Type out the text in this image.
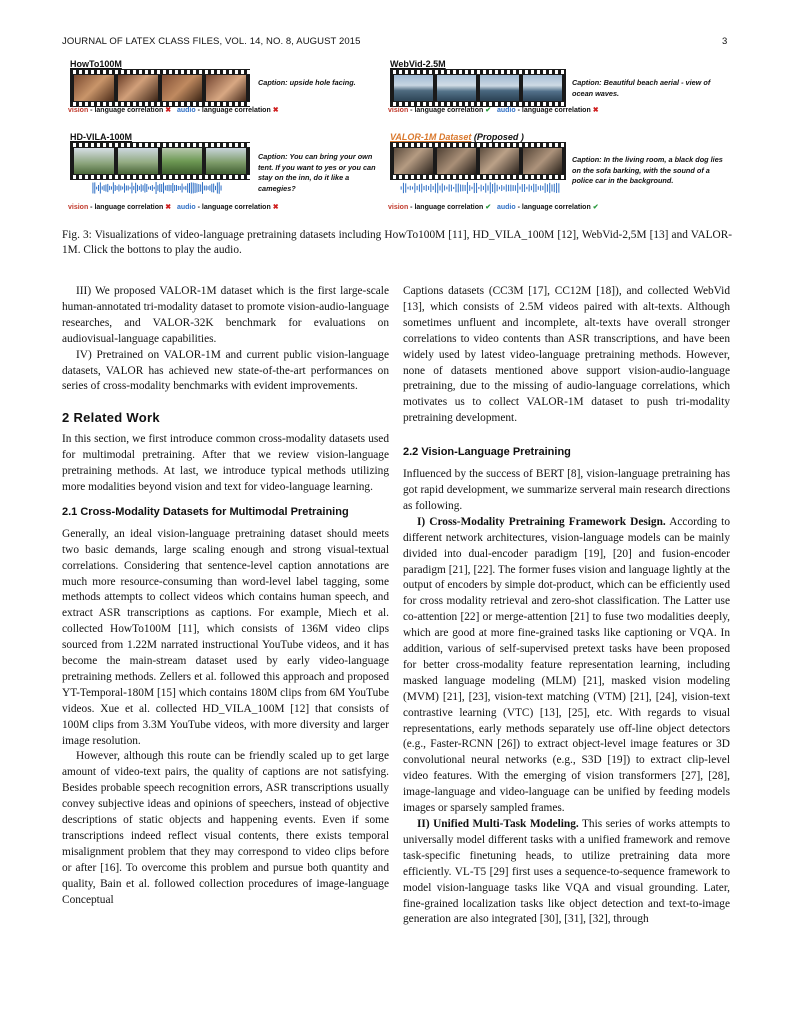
JOURNAL OF LATEX CLASS FILES, VOL. 14, NO. 8, AUGUST 2015	3
HowTo100M
Caption: upside hole facing.
vision - language correlation ✖ audio - language correlation ✖
WebVid-2.5M
Caption: Beautiful beach aerial - view of ocean waves.
vision - language correlation ✔ audio - language correlation ✖
HD-VILA-100M
Caption: You can bring your own tent. If you want to yes or you can stay on the inn, do it like a camegies?
vision - language correlation ✖ audio - language correlation ✖
VALOR-1M Dataset (Proposed )
Caption: In the living room, a black dog lies on the sofa barking, with the sound of a police car in the background.
vision - language correlation ✔ audio - language correlation ✔
Fig. 3: Visualizations of video-language pretraining datasets including HowTo100M [11], HD_VILA_100M [12], WebVid-2,5M [13] and VALOR-1M. Click the bottons to play the audio.

III) We proposed VALOR-1M dataset which is the first large-scale human-annotated tri-modality dataset to promote vision-audio-language researches, and VALOR-32K benchmark for evaluations on audiovisual-language capabilities.

IV) Pretrained on VALOR-1M and current public vision-language datasets, VALOR has achieved new state-of-the-art performances on series of cross-modality benchmarks with evident improvements.

2 Related Work

In this section, we first introduce common cross-modality datasets used for multimodal pretraining. After that we review vision-language pretraining methods. At last, we introduce typical methods utilizing more modalities beyond vision and text for video-language learning.

2.1 Cross-Modality Datasets for Multimodal Pretraining

Generally, an ideal vision-language pretraining dataset should meets two basic demands, large scaling enough and strong visual-textual correlations. Considering that sentence-level caption annotations are much more resource-consuming than word-level label tagging, some methods attempts to collect videos which contains human speech, and extract ASR transcriptions as captions. For example, Miech et al. collected HowTo100M [11], which consists of 136M video clips sourced from 1.22M narrated instructional YouTube videos, and it has become the main-stream dataset used by early video-language pretraining methods. Zellers et al. followed this approach and proposed YT-Temporal-180M [15] which contains 180M clips from 6M YouTube videos. Xue et al. collected HD_VILA_100M [12] that consists of 100M clips from 3.3M YouTube videos, with more diversity and larger image resolution.

However, although this route can be friendly scaled up to get large amount of video-text pairs, the quality of captions are not satisfying. Besides probable speech recognition errors, ASR transcriptions usually convey subjective ideas and opinions of speechers, instead of objective descriptions of static objects and happening events. Even if some transcriptions indeed reflect visual contents, there exists temporal misalignment problem that they may correspond to video clips before or after [16]. To overcome this problem and pursue both quantity and quality, Bain et al. followed collection procedures of image-language Conceptual

Captions datasets (CC3M [17], CC12M [18]), and collected WebVid [13], which consists of 2.5M videos paired with alt-texts. Although sometimes unfluent and incomplete, alt-texts have overall stronger correlations to video contents than ASR transcriptions, and have been widely used by latest video-language pretraining methods. However, none of datasets mentioned above support vision-audio-language pretraining, due to the missing of audio-language correlations, which motivates us to collect VALOR-1M dataset to push tri-modality pretraining development.

2.2 Vision-Language Pretraining

Influenced by the success of BERT [8], vision-language pretraining has got rapid development, we summarize serveral main research directions as following.

I) Cross-Modality Pretraining Framework Design. According to different network architectures, vision-language models can be mainly divided into dual-encoder paradigm [19], [20] and fusion-encoder paradigm [21], [22]. The former fuses vision and language lightly at the output of encoders by simple dot-product, which can be efficiently used for cross modality retrieval and zero-shot classification. The Latter use co-attention [22] or merge-attention [21] to fuse two modalities deeply, which are good at more fine-grained tasks like captioning or VQA. In addition, various of self-supervised pretext tasks have been proposed for better cross-modality feature representation learning, including masked language modeling (MLM) [21], masked vision modeling (MVM) [21], [23], vision-text matching (VTM) [21], [24], vision-text contrastive learning (VTC) [13], [25], etc. With regards to visual representations, early methods separately use off-line object detectors (e.g., Faster-RCNN [26]) to extract object-level image features or 3D convolutional neural networks (e.g., S3D [19]) to extract clip-level video features. With the emerging of vision transformers [27], [28], image-language and video-language can be unified by feeding models images or sparsely sampled frames.

II) Unified Multi-Task Modeling. This series of works attempts to universally model different tasks with a unified framework and remove task-specific finetuning heads, to utilize pretraining data more efficiently. VL-T5 [29] first uses a sequence-to-sequence framework to model vision-language tasks like VQA and visual grounding. Later, fine-grained localization tasks like object detection and text-to-image generation are also integrated [30], [31], [32], through
